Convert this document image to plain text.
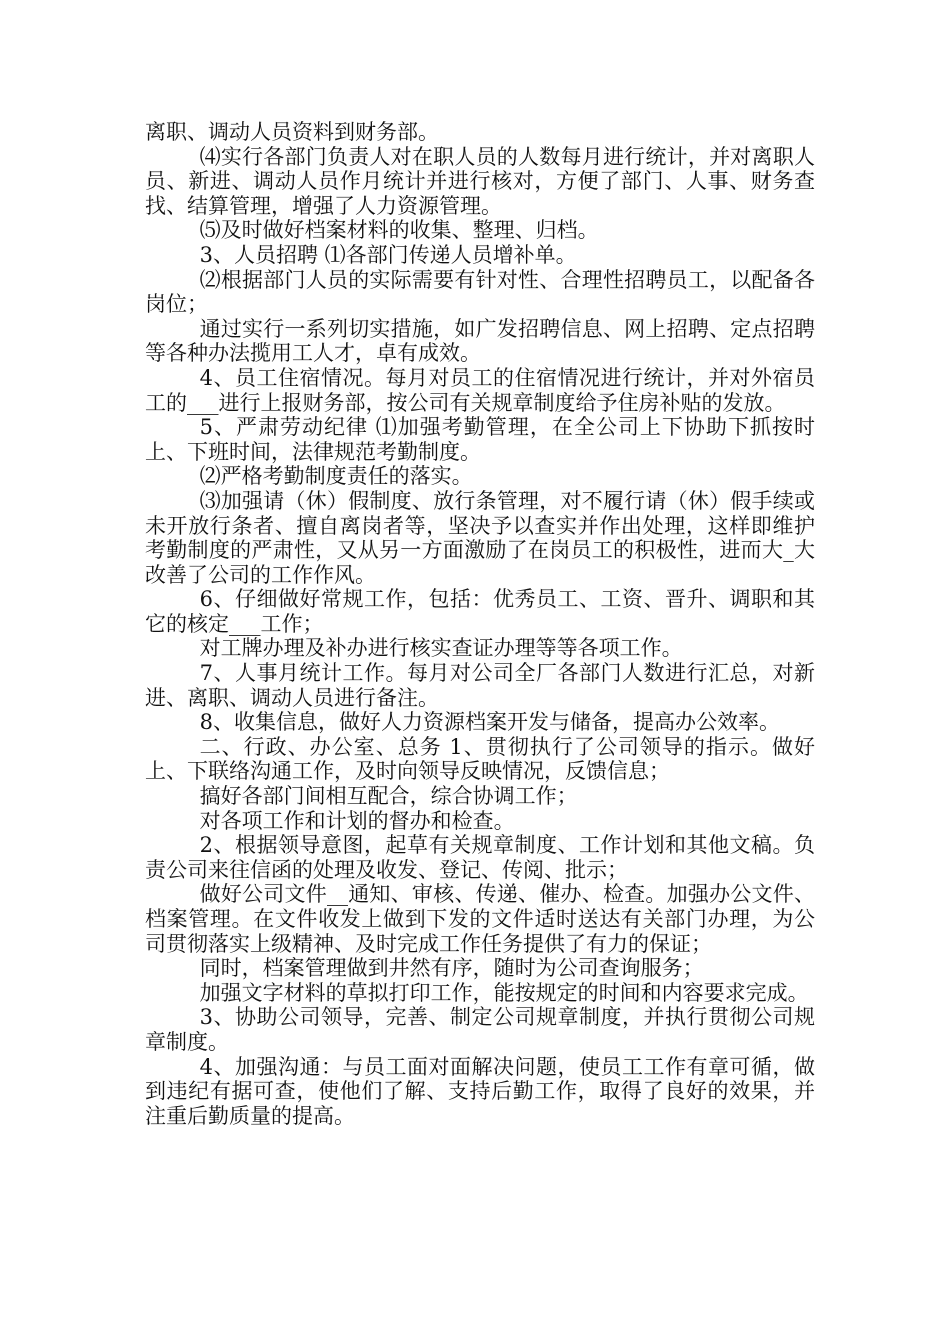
离职、调动人员资料到财务部。

⑷实行各部门负责人对在职人员的人数每月进行统计，并对离职人员、新进、调动人员作月统计并进行核对，方便了部门、人事、财务查找、结算管理，增强了人力资源管理。

⑸及时做好档案材料的收集、整理、归档。

3、人员招聘 ⑴各部门传递人员增补单。

⑵根据部门人员的实际需要有针对性、合理性招聘员工，以配备各岗位；

通过实行一系列切实措施，如广发招聘信息、网上招聘、定点招聘等各种办法揽用工人才，卓有成效。

4、员工住宿情况。每月对员工的住宿情况进行统计，并对外宿员工的___进行上报财务部，按公司有关规章制度给予住房补贴的发放。

5、严肃劳动纪律 ⑴加强考勤管理，在全公司上下协助下抓按时上、下班时间，法律规范考勤制度。

⑵严格考勤制度责任的落实。

⑶加强请（休）假制度、放行条管理，对不履行请（休）假手续或未开放行条者、擅自离岗者等，坚决予以查实并作出处理，这样即维护考勤制度的严肃性，又从另一方面激励了在岗员工的积极性，进而大_大改善了公司的工作作风。

6、仔细做好常规工作，包括：优秀员工、工资、晋升、调职和其它的核定___工作；

对工牌办理及补办进行核实查证办理等等各项工作。

7、人事月统计工作。每月对公司全厂各部门人数进行汇总，对新进、离职、调动人员进行备注。

8、收集信息，做好人力资源档案开发与储备，提高办公效率。

二、行政、办公室、总务 1、贯彻执行了公司领导的指示。做好上、下联络沟通工作，及时向领导反映情况，反馈信息；

搞好各部门间相互配合，综合协调工作；

对各项工作和计划的督办和检查。

2、根据领导意图，起草有关规章制度、工作计划和其他文稿。负责公司来往信函的处理及收发、登记、传阅、批示；

做好公司文件__通知、审核、传递、催办、检查。加强办公文件、档案管理。在文件收发上做到下发的文件适时送达有关部门办理，为公司贯彻落实上级精神、及时完成工作任务提供了有力的保证；

同时，档案管理做到井然有序，随时为公司查询服务；

加强文字材料的草拟打印工作，能按规定的时间和内容要求完成。

3、协助公司领导，完善、制定公司规章制度，并执行贯彻公司规章制度。

4、加强沟通：与员工面对面解决问题，使员工工作有章可循，做到违纪有据可查，使他们了解、支持后勤工作，取得了良好的效果，并注重后勤质量的提高。
